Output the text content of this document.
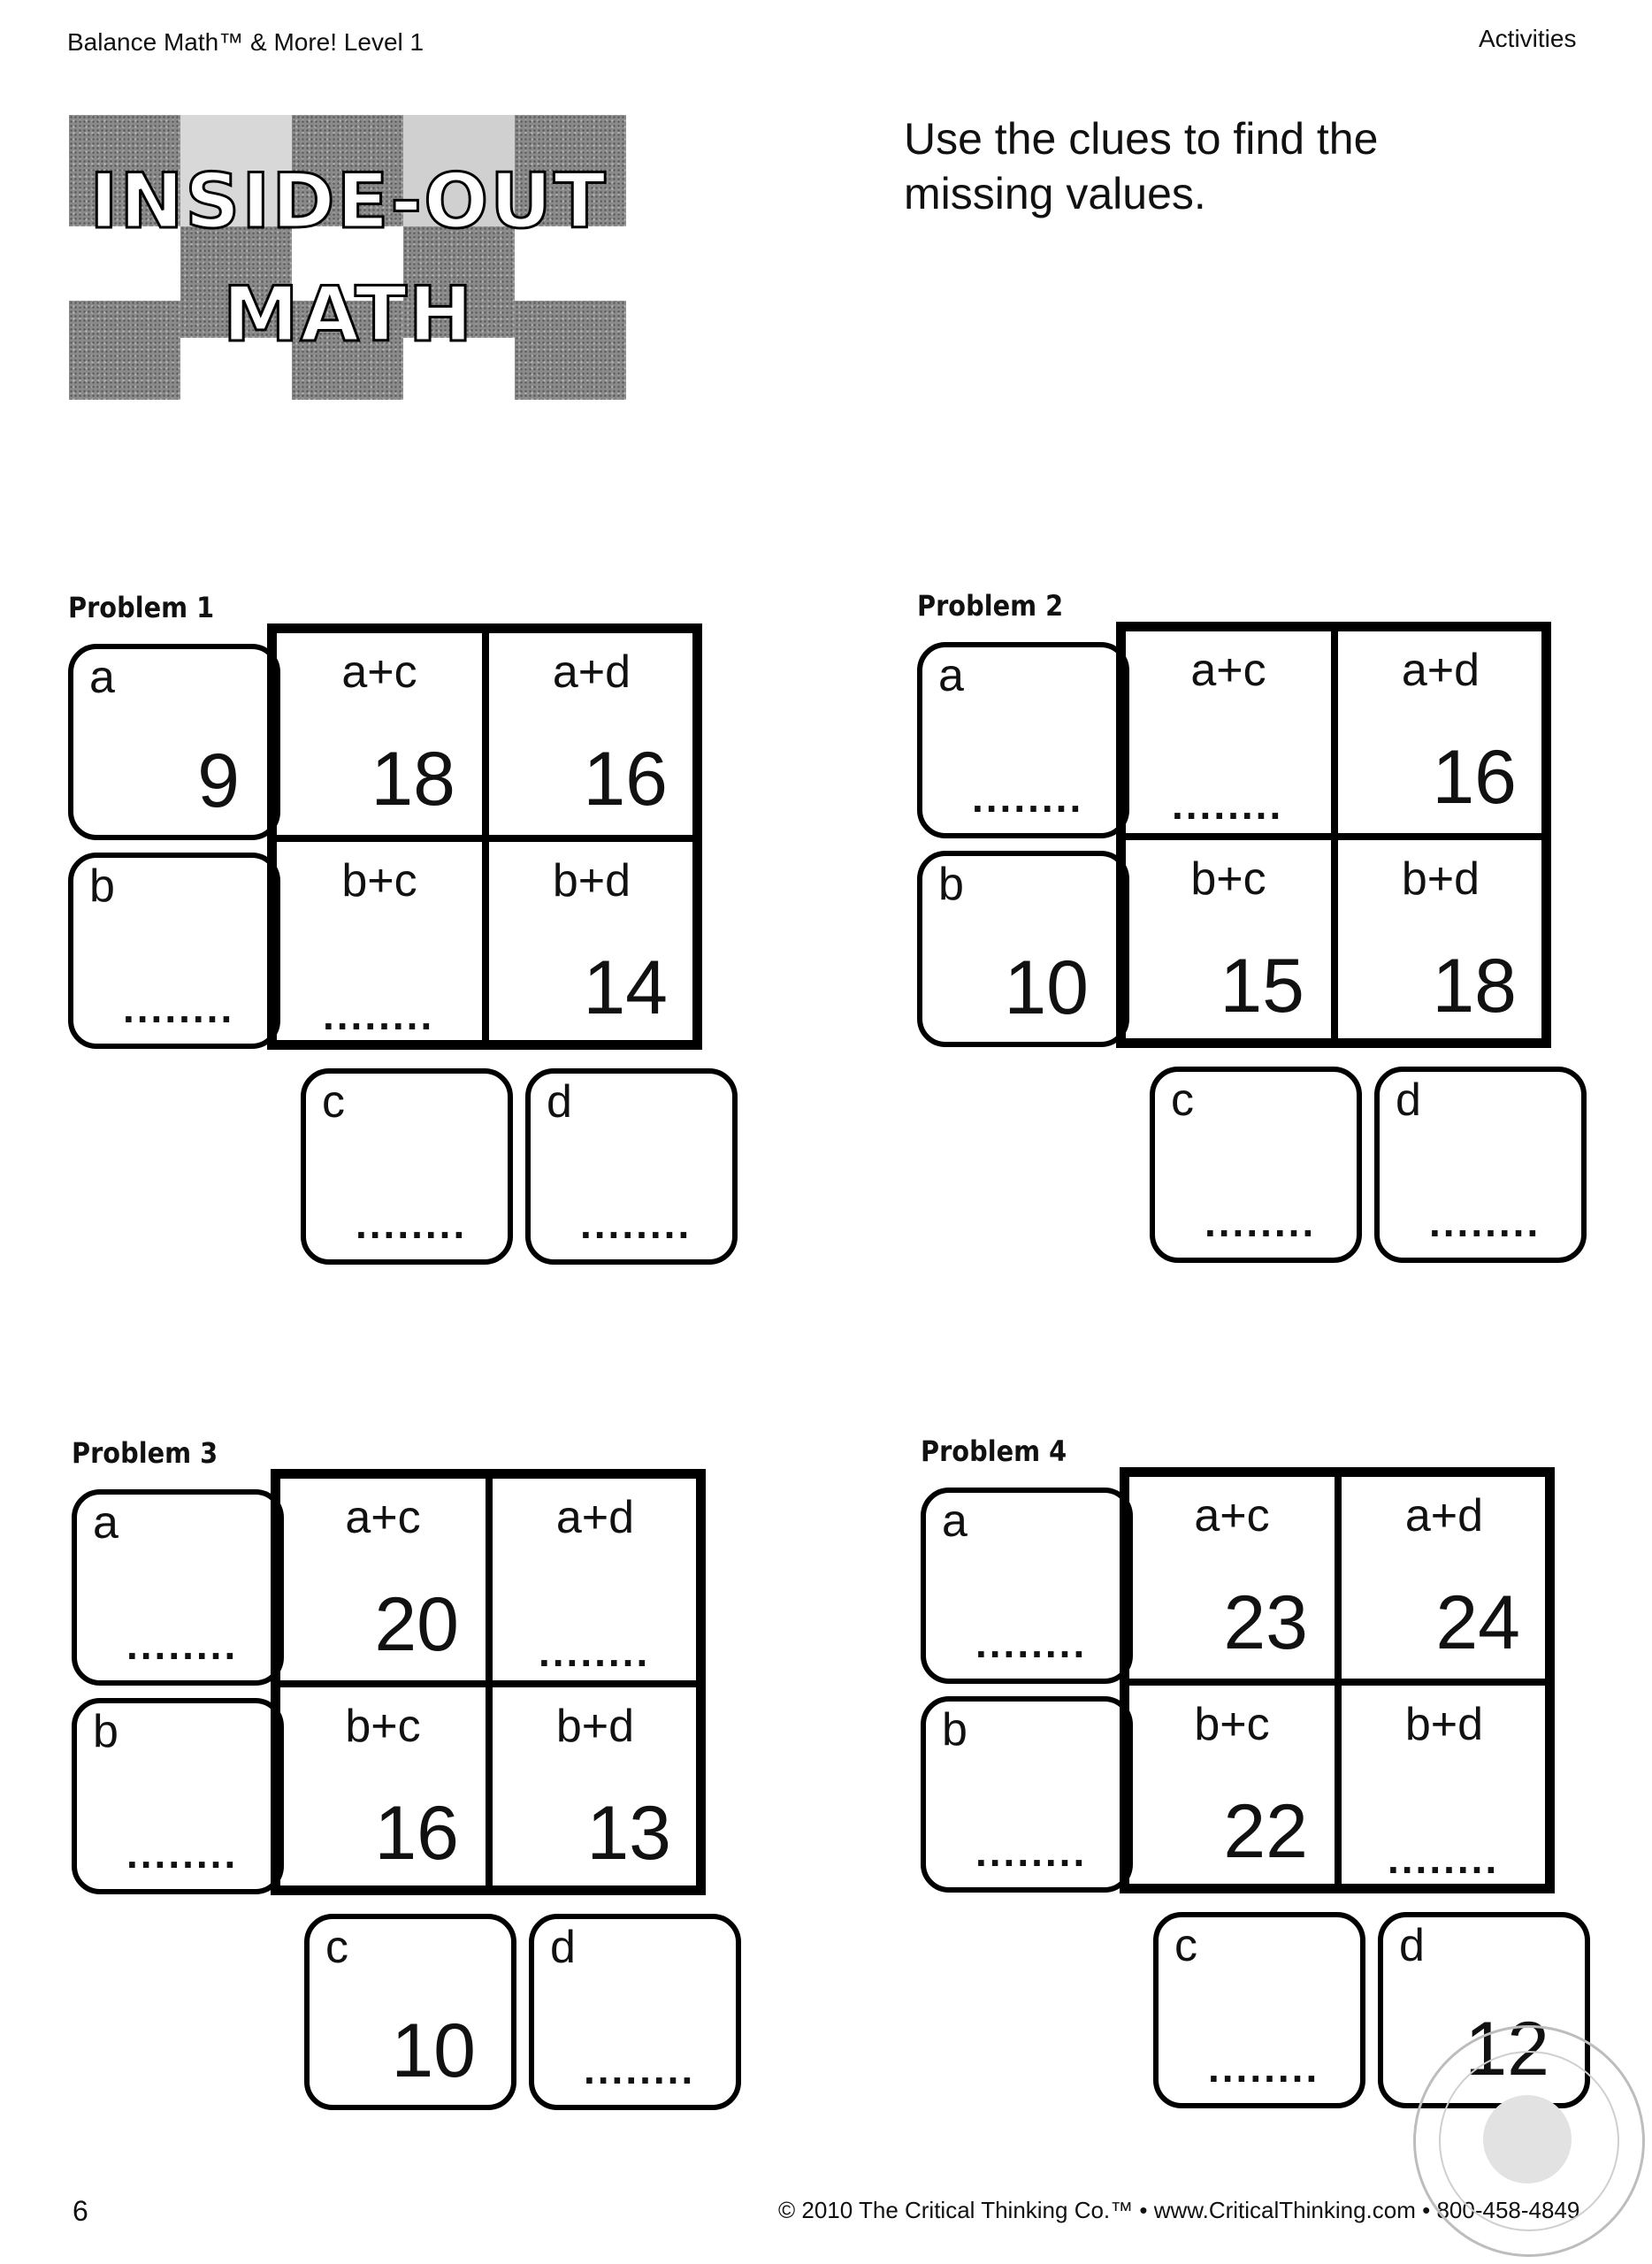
Balance Math™ & More! Level 1	Activities
INSIDE-OUT
MATH
Use the clues to find the missing values.
Problem 1
a
9
b
........
c
........
d
........
a+c
18
a+d
16
b+c
........
b+d
14
Problem 2
a
........
b
10
c
........
d
........
a+c
........
a+d
16
b+c
15
b+d
18
Problem 3
a
........
b
........
c
10
d
........
a+c
20
a+d
........
b+c
16
b+d
13
Problem 4
a
........
b
........
c
........
d
12
a+c
23
a+d
24
b+c
22
b+d
........
6	© 2010 The Critical Thinking Co.™ • www.CriticalThinking.com • 800-458-4849
